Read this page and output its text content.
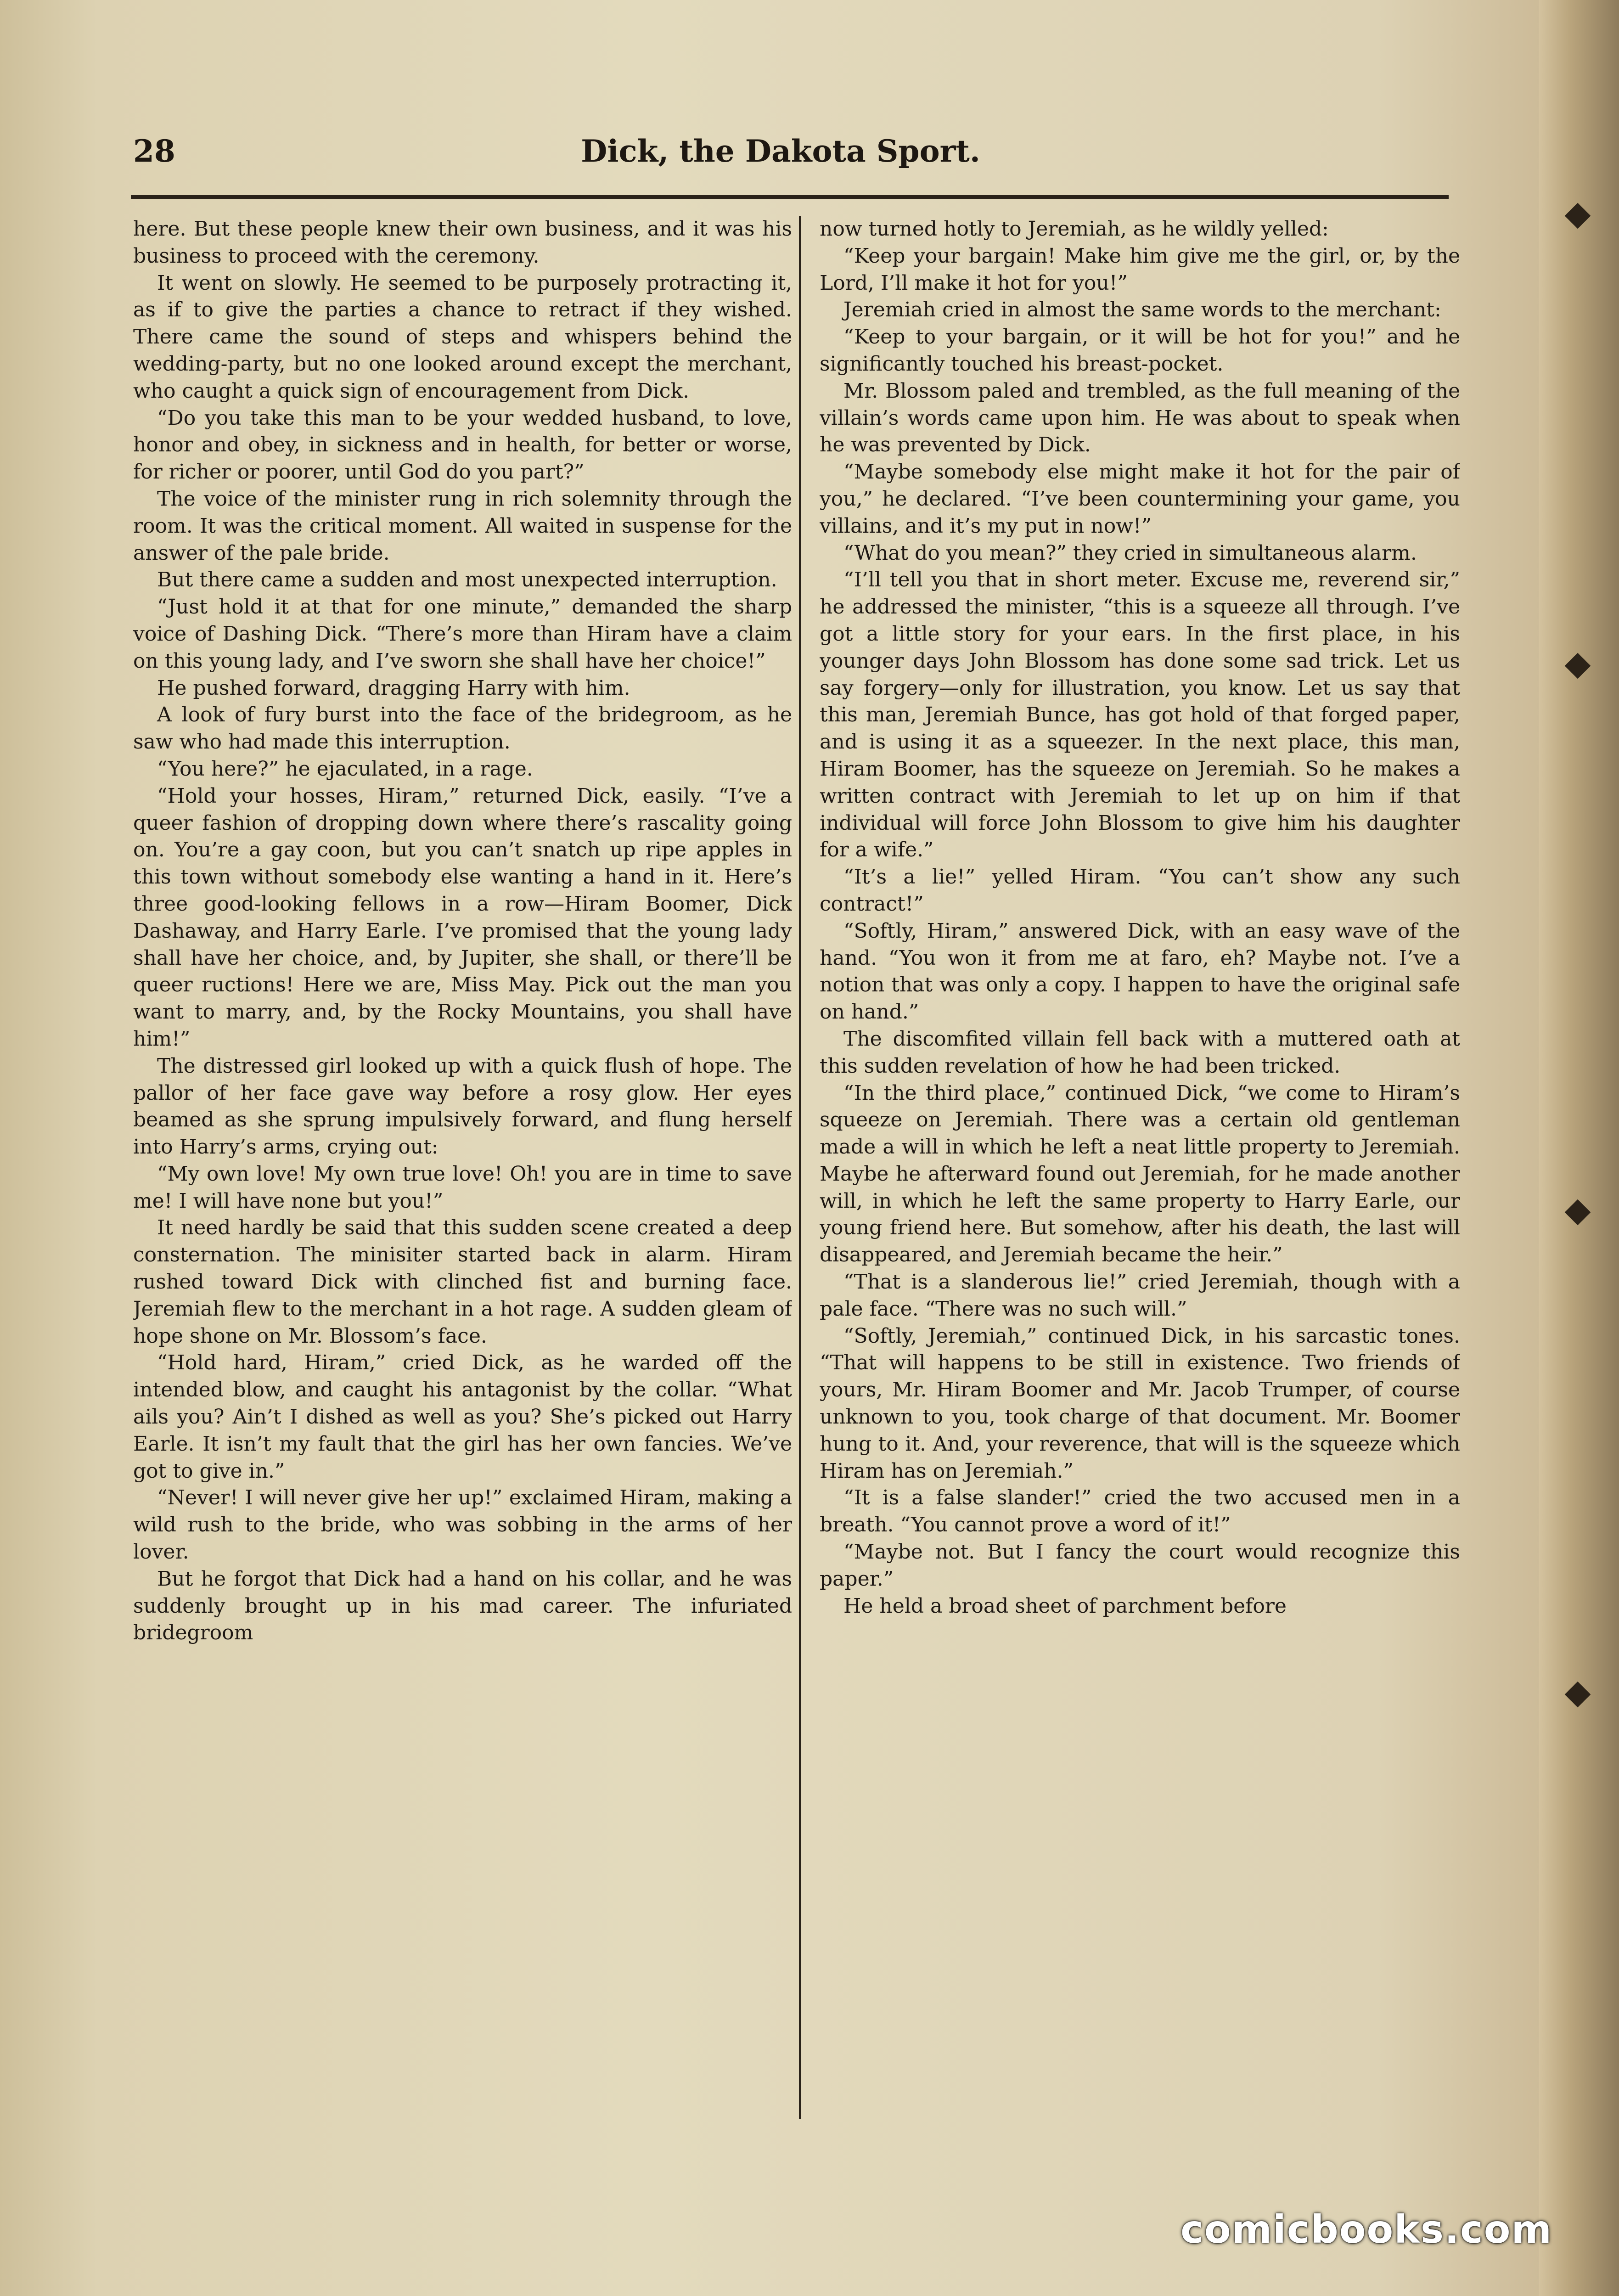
28	Dick, the Dakota Sport.

here. But these people knew their own business, and it was his business to proceed with the ceremony.

It went on slowly. He seemed to be purposely protracting it, as if to give the parties a chance to retract if they wished. There came the sound of steps and whispers behind the wedding-party, but no one looked around except the merchant, who caught a quick sign of encouragement from Dick.

“Do you take this man to be your wedded husband, to love, honor and obey, in sickness and in health, for better or worse, for richer or poorer, until God do you part?”

The voice of the minister rung in rich solemnity through the room. It was the critical moment. All waited in suspense for the answer of the pale bride.

But there came a sudden and most unexpected interruption.

“Just hold it at that for one minute,” demanded the sharp voice of Dashing Dick. “There’s more than Hiram have a claim on this young lady, and I’ve sworn she shall have her choice!”

He pushed forward, dragging Harry with him.

A look of fury burst into the face of the bridegroom, as he saw who had made this interruption.

“You here?” he ejaculated, in a rage.

“Hold your hosses, Hiram,” returned Dick, easily. “I’ve a queer fashion of dropping down where there’s rascality going on. You’re a gay coon, but you can’t snatch up ripe apples in this town without somebody else wanting a hand in it. Here’s three good-looking fellows in a row—Hiram Boomer, Dick Dashaway, and Harry Earle. I’ve promised that the young lady shall have her choice, and, by Jupiter, she shall, or there’ll be queer ructions! Here we are, Miss May. Pick out the man you want to marry, and, by the Rocky Mountains, you shall have him!”

The distressed girl looked up with a quick flush of hope. The pallor of her face gave way before a rosy glow. Her eyes beamed as she sprung impulsively forward, and flung herself into Harry’s arms, crying out:

“My own love! My own true love! Oh! you are in time to save me! I will have none but you!”

It need hardly be said that this sudden scene created a deep consternation. The minisiter started back in alarm. Hiram rushed toward Dick with clinched fist and burning face. Jeremiah flew to the merchant in a hot rage. A sudden gleam of hope shone on Mr. Blossom’s face.

“Hold hard, Hiram,” cried Dick, as he warded off the intended blow, and caught his antagonist by the collar. “What ails you? Ain’t I dished as well as you? She’s picked out Harry Earle. It isn’t my fault that the girl has her own fancies. We’ve got to give in.”

“Never! I will never give her up!” exclaimed Hiram, making a wild rush to the bride, who was sobbing in the arms of her lover.

But he forgot that Dick had a hand on his collar, and he was suddenly brought up in his mad career. The infuriated bridegroom

now turned hotly to Jeremiah, as he wildly yelled:

“Keep your bargain! Make him give me the girl, or, by the Lord, I’ll make it hot for you!”

Jeremiah cried in almost the same words to the merchant:

“Keep to your bargain, or it will be hot for you!” and he significantly touched his breast-pocket.

Mr. Blossom paled and trembled, as the full meaning of the villain’s words came upon him. He was about to speak when he was prevented by Dick.

“Maybe somebody else might make it hot for the pair of you,” he declared. “I’ve been countermining your game, you villains, and it’s my put in now!”

“What do you mean?” they cried in simultaneous alarm.

“I’ll tell you that in short meter. Excuse me, reverend sir,” he addressed the minister, “this is a squeeze all through. I’ve got a little story for your ears. In the first place, in his younger days John Blossom has done some sad trick. Let us say forgery—only for illustration, you know. Let us say that this man, Jeremiah Bunce, has got hold of that forged paper, and is using it as a squeezer. In the next place, this man, Hiram Boomer, has the squeeze on Jeremiah. So he makes a written contract with Jeremiah to let up on him if that individual will force John Blossom to give him his daughter for a wife.”

“It’s a lie!” yelled Hiram. “You can’t show any such contract!”

“Softly, Hiram,” answered Dick, with an easy wave of the hand. “You won it from me at faro, eh? Maybe not. I’ve a notion that was only a copy. I happen to have the original safe on hand.”

The discomfited villain fell back with a muttered oath at this sudden revelation of how he had been tricked.

“In the third place,” continued Dick, “we come to Hiram’s squeeze on Jeremiah. There was a certain old gentleman made a will in which he left a neat little property to Jeremiah. Maybe he afterward found out Jeremiah, for he made another will, in which he left the same property to Harry Earle, our young friend here. But somehow, after his death, the last will disappeared, and Jeremiah became the heir.”

“That is a slanderous lie!” cried Jeremiah, though with a pale face. “There was no such will.”

“Softly, Jeremiah,” continued Dick, in his sarcastic tones. “That will happens to be still in existence. Two friends of yours, Mr. Hiram Boomer and Mr. Jacob Trumper, of course unknown to you, took charge of that document. Mr. Boomer hung to it. And, your reverence, that will is the squeeze which Hiram has on Jeremiah.”

“It is a false slander!” cried the two accused men in a breath. “You cannot prove a word of it!”

“Maybe not. But I fancy the court would recognize this paper.”

He held a broad sheet of parchment before

comicbooks.com
